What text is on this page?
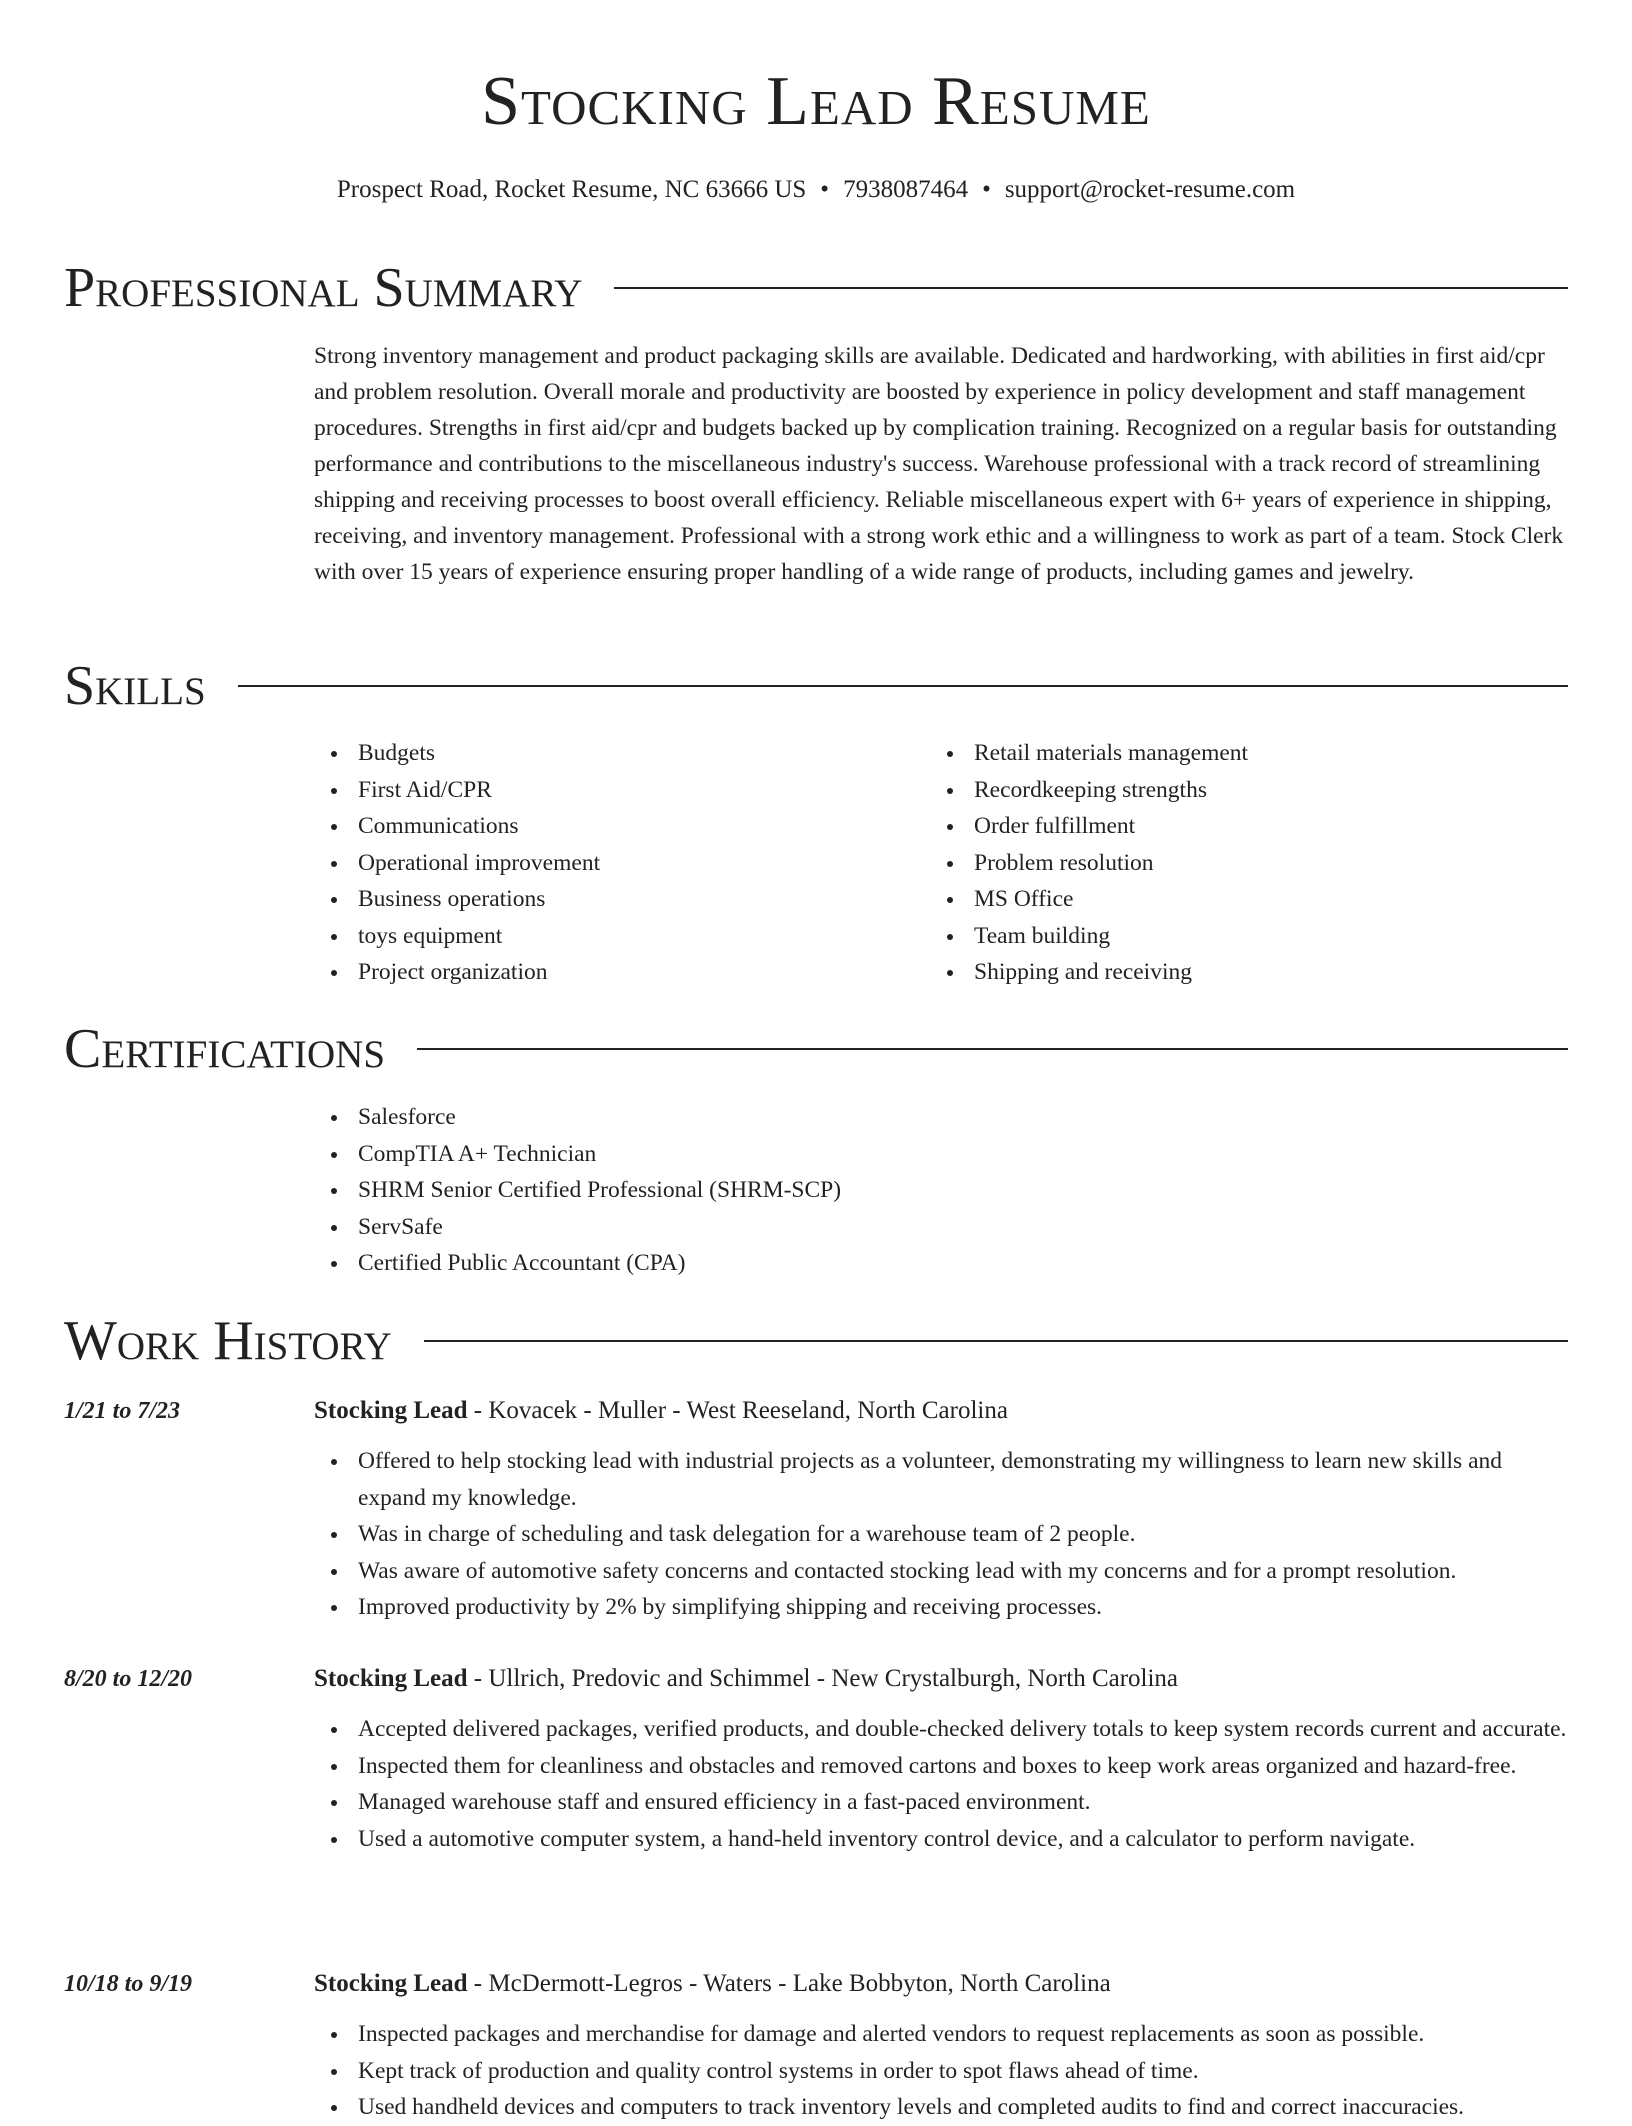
Stocking Lead Resume
Prospect Road, Rocket Resume, NC 63666 US • 7938087464 • support@rocket-resume.com
Professional Summary

Strong inventory management and product packaging skills are available. Dedicated and hardworking, with abilities in first aid/cpr and problem resolution. Overall morale and productivity are boosted by experience in policy development and staff management procedures. Strengths in first aid/cpr and budgets backed up by complication training. Recognized on a regular basis for outstanding performance and contributions to the miscellaneous industry's success. Warehouse professional with a track record of streamlining shipping and receiving processes to boost overall efficiency. Reliable miscellaneous expert with 6+ years of experience in shipping, receiving, and inventory management. Professional with a strong work ethic and a willingness to work as part of a team. Stock Clerk with over 15 years of experience ensuring proper handling of a wide range of products, including games and jewelry.

Skills
Budgets
First Aid/CPR
Communications
Operational improvement
Business operations
toys equipment
Project organization
Retail materials management
Recordkeeping strengths
Order fulfillment
Problem resolution
MS Office
Team building
Shipping and receiving
Certifications
Salesforce
CompTIA A+ Technician
SHRM Senior Certified Professional (SHRM-SCP)
ServSafe
Certified Public Accountant (CPA)
Work History
1/21 to 7/23	Stocking Lead - Kovacek - Muller - West Reeseland, North Carolina
Offered to help stocking lead with industrial projects as a volunteer, demonstrating my willingness to learn new skills and expand my knowledge.
Was in charge of scheduling and task delegation for a warehouse team of 2 people.
Was aware of automotive safety concerns and contacted stocking lead with my concerns and for a prompt resolution.
Improved productivity by 2% by simplifying shipping and receiving processes.
8/20 to 12/20	Stocking Lead - Ullrich, Predovic and Schimmel - New Crystalburgh, North Carolina
Accepted delivered packages, verified products, and double-checked delivery totals to keep system records current and accurate.
Inspected them for cleanliness and obstacles and removed cartons and boxes to keep work areas organized and hazard-free.
Managed warehouse staff and ensured efficiency in a fast-paced environment.
Used a automotive computer system, a hand-held inventory control device, and a calculator to perform navigate.
10/18 to 9/19	Stocking Lead - McDermott-Legros - Waters - Lake Bobbyton, North Carolina
Inspected packages and merchandise for damage and alerted vendors to request replacements as soon as possible.
Kept track of production and quality control systems in order to spot flaws ahead of time.
Used handheld devices and computers to track inventory levels and completed audits to find and correct inaccuracies.
